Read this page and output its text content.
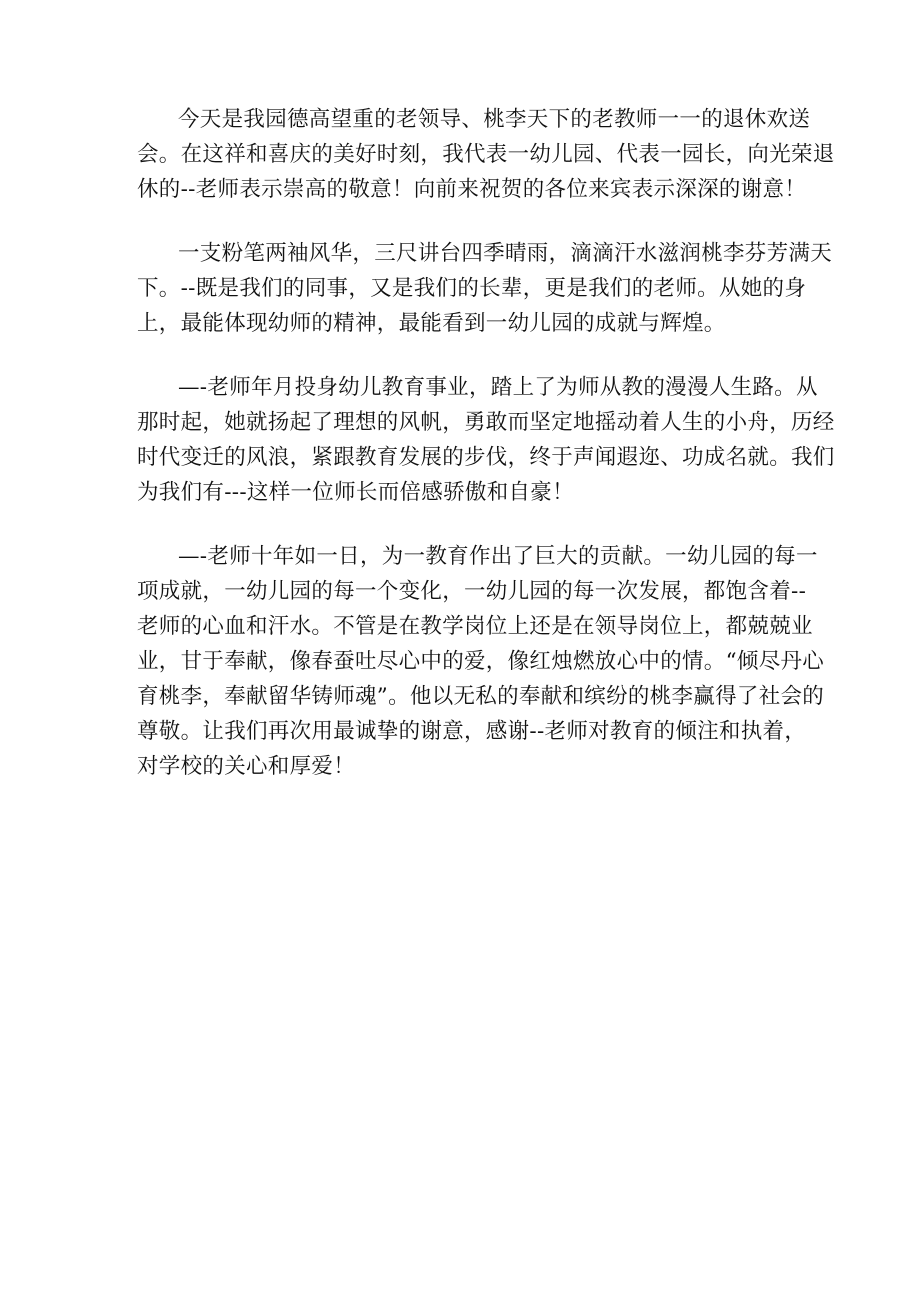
今天是我园德高望重的老领导、桃李天下的老教师一一的退休欢送
会。在这祥和喜庆的美好时刻，我代表一幼儿园、代表一园长，向光荣退
休的--老师表示崇高的敬意！向前来祝贺的各位来宾表示深深的谢意！
一支粉笔两袖风华，三尺讲台四季晴雨，滴滴汗水滋润桃李芬芳满天
下。--既是我们的同事，又是我们的长辈，更是我们的老师。从她的身
上，最能体现幼师的精神，最能看到一幼儿园的成就与辉煌。
—-老师年月投身幼儿教育事业，踏上了为师从教的漫漫人生路。从
那时起，她就扬起了理想的风帆，勇敢而坚定地摇动着人生的小舟，历经
时代变迁的风浪，紧跟教育发展的步伐，终于声闻遐迩、功成名就。我们
为我们有---这样一位师长而倍感骄傲和自豪！
—-老师十年如一日，为一教育作出了巨大的贡献。一幼儿园的每一
项成就，一幼儿园的每一个变化，一幼儿园的每一次发展，都饱含着--
老师的心血和汗水。不管是在教学岗位上还是在领导岗位上，都兢兢业
业，甘于奉献，像春蚕吐尽心中的爱，像红烛燃放心中的情。“倾尽丹心
育桃李，奉献留华铸师魂”。他以无私的奉献和缤纷的桃李赢得了社会的
尊敬。让我们再次用最诚挚的谢意，感谢--老师对教育的倾注和执着，
对学校的关心和厚爱！
